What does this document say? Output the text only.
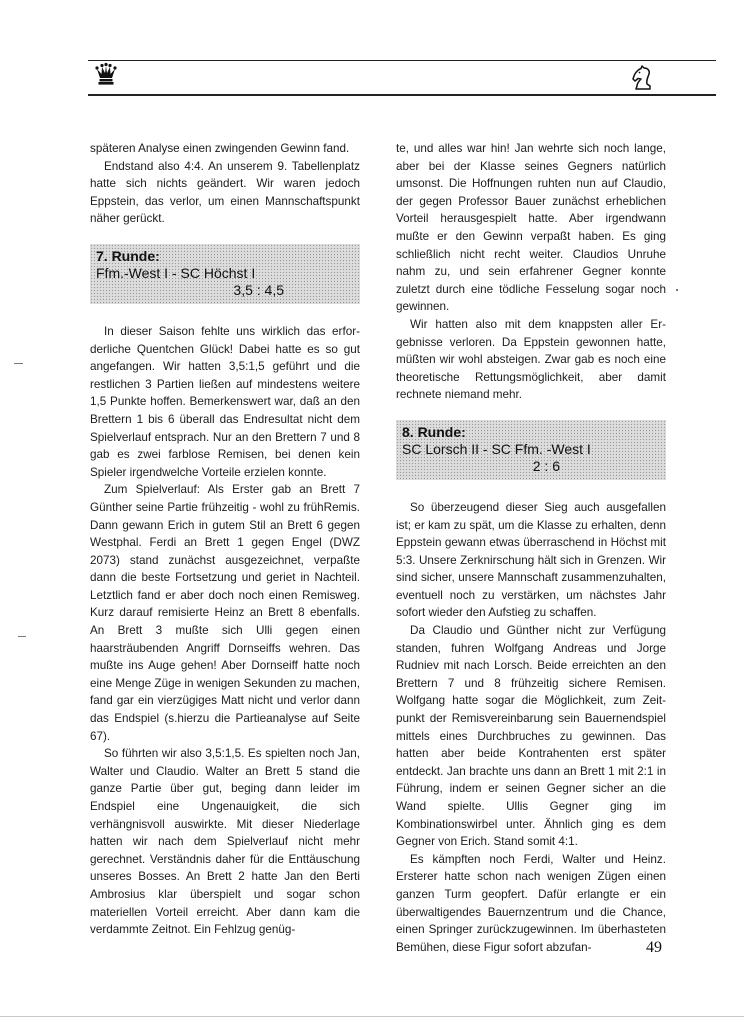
späteren Analyse einen zwingenden Gewinn fand.

Endstand also 4:4. An unserem 9. Tabellenplatz hatte sich nichts geändert. Wir waren jedoch Eppstein, das verlor, um einen Mannschaftspunkt näher gerückt.

7. Runde:
Ffm.-West I - SC Höchst I
3,5 : 4,5

In dieser Saison fehlte uns wirklich das erforderliche Quentchen Glück! Dabei hatte es so gut angefangen. Wir hatten 3,5:1,5 geführt und die restlichen 3 Partien ließen auf mindestens weitere 1,5 Punkte hoffen. Bemerkenswert war, daß an den Brettern 1 bis 6 überall das Endresultat nicht dem Spielverlauf entsprach. Nur an den Brettern 7 und 8 gab es zwei farblose Remisen, bei denen kein Spieler irgendwelche Vorteile erzielen konnte.

Zum Spielverlauf: Als Erster gab an Brett 7 Günther seine Partie frühzeitig - wohl zu frühRemis. Dann gewann Erich in gutem Stil an Brett 6 gegen Westphal. Ferdi an Brett 1 gegen Engel (DWZ 2073) stand zunächst ausgezeichnet, verpaßte dann die beste Fortsetzung und geriet in Nachteil. Letztlich fand er aber doch noch einen Remisweg. Kurz darauf remisierte Heinz an Brett 8 ebenfalls. An Brett 3 mußte sich Ulli gegen einen haarsträubenden Angriff Dornseiffs wehren. Das mußte ins Auge gehen! Aber Dornseiff hatte noch eine Menge Züge in wenigen Sekunden zu machen, fand gar ein vierzügiges Matt nicht und verlor dann das Endspiel (s.hierzu die Partieanalyse auf Seite 67).

So führten wir also 3,5:1,5. Es spielten noch Jan, Walter und Claudio. Walter an Brett 5 stand die ganze Partie über gut, beging dann leider im Endspiel eine Ungenauigkeit, die sich verhängnisvoll auswirkte. Mit dieser Niederlage hatten wir nach dem Spielverlauf nicht mehr gerechnet. Verständnis daher für die Enttäuschung unseres Bosses. An Brett 2 hatte Jan den Berti Ambrosius klar überspielt und sogar schon materiellen Vorteil erreicht. Aber dann kam die verdammte Zeitnot. Ein Fehlzug genüg-

te, und alles war hin! Jan wehrte sich noch lange, aber bei der Klasse seines Gegners natürlich umsonst. Die Hoffnungen ruhten nun auf Claudio, der gegen Professor Bauer zunächst erheblichen Vorteil herausgespielt hatte. Aber irgendwann mußte er den Gewinn verpaßt haben. Es ging schließlich nicht recht weiter. Claudios Unruhe nahm zu, und sein erfahrener Gegner konnte zuletzt durch eine tödliche Fesselung sogar noch gewinnen.

Wir hatten also mit dem knappsten aller Ergebnisse verloren. Da Eppstein gewonnen hatte, müßten wir wohl absteigen. Zwar gab es noch eine theoretische Rettungsmöglichkeit, aber damit rechnete niemand mehr.

8. Runde:
SC Lorsch II - SC Ffm. -West I
2 : 6

So überzeugend dieser Sieg auch ausgefallen ist; er kam zu spät, um die Klasse zu erhalten, denn Eppstein gewann etwas überraschend in Höchst mit 5:3. Unsere Zerknirschung hält sich in Grenzen. Wir sind sicher, unsere Mannschaft zusammenzuhalten, eventuell noch zu verstärken, um nächstes Jahr sofort wieder den Aufstieg zu schaffen.

Da Claudio und Günther nicht zur Verfügung standen, fuhren Wolfgang Andreas und Jorge Rudniev mit nach Lorsch. Beide erreichten an den Brettern 7 und 8 frühzeitig sichere Remisen. Wolfgang hatte sogar die Möglichkeit, zum Zeitpunkt der Remisvereinbarung sein Bauernendspiel mittels eines Durchbruches zu gewinnen. Das hatten aber beide Kontrahenten erst später entdeckt. Jan brachte uns dann an Brett 1 mit 2:1 in Führung, indem er seinen Gegner sicher an die Wand spielte. Ullis Gegner ging im Kombinationswirbel unter. Ähnlich ging es dem Gegner von Erich. Stand somit 4:1.

Es kämpften noch Ferdi, Walter und Heinz. Ersterer hatte schon nach wenigen Zügen einen ganzen Turm geopfert. Dafür erlangte er ein überwaltigendes Bauernzentrum und die Chance, einen Springer zurückzugewinnen. Im überhasteten Bemühen, diese Figur sofort abzufan-	49
